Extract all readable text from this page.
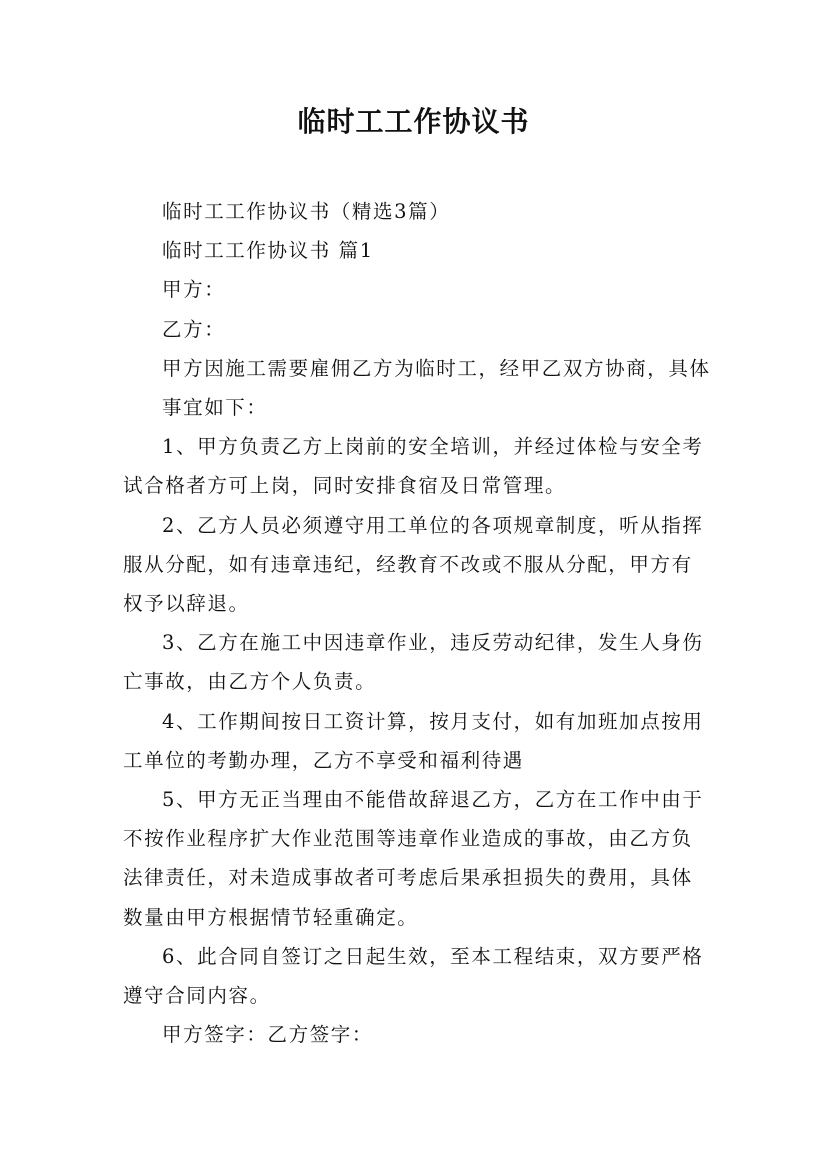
临时工工作协议书

临时工工作协议书（精选3篇）

临时工工作协议书 篇1

甲方：

乙方：

甲方因施工需要雇佣乙方为临时工，经甲乙双方协商，具体事宜如下：

1、甲方负责乙方上岗前的安全培训，并经过体检与安全考试合格者方可上岗，同时安排食宿及日常管理。

2、乙方人员必须遵守用工单位的各项规章制度，听从指挥服从分配，如有违章违纪，经教育不改或不服从分配，甲方有权予以辞退。

3、乙方在施工中因违章作业，违反劳动纪律，发生人身伤亡事故，由乙方个人负责。

4、工作期间按日工资计算，按月支付，如有加班加点按用工单位的考勤办理，乙方不享受和福利待遇

5、甲方无正当理由不能借故辞退乙方，乙方在工作中由于不按作业程序扩大作业范围等违章作业造成的事故，由乙方负法律责任，对未造成事故者可考虑后果承担损失的费用，具体数量由甲方根据情节轻重确定。

6、此合同自签订之日起生效，至本工程结束，双方要严格遵守合同内容。

甲方签字：乙方签字：
